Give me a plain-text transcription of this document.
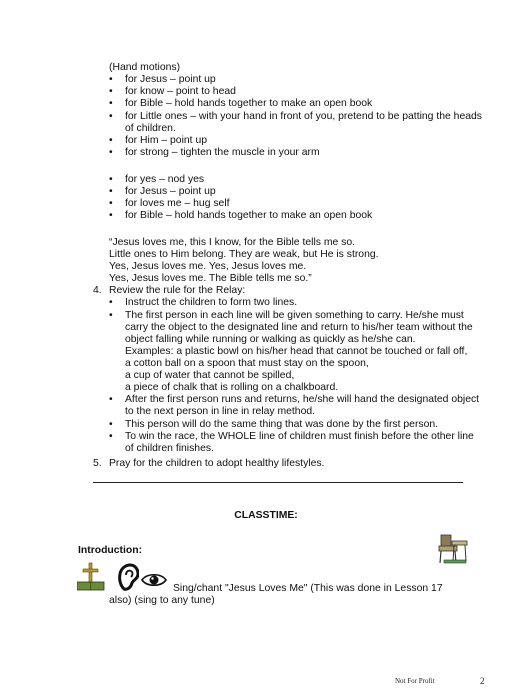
(Hand motions)
•	for Jesus – point up
•	for know – point to head
•	for Bible – hold hands together to make an open book
•	for Little ones – with your hand in front of you, pretend to be patting the heads
of children.
•	for Him – point up
•	for strong – tighten the muscle in your arm
•	for yes – nod yes
•	for Jesus – point up
•	for loves me – hug self
•	for Bible – hold hands together to make an open book
“Jesus loves me, this I know, for the Bible tells me so.
Little ones to Him belong. They are weak, but He is strong.
Yes, Jesus loves me. Yes, Jesus loves me.
Yes, Jesus loves me. The Bible tells me so.”
4. Review the rule for the Relay:
•	Instruct the children to form two lines.
•	The first person in each line will be given something to carry. He/she must
carry the object to the designated line and return to his/her team without the
object falling while running or walking as quickly as he/she can.
Examples: a plastic bowl on his/her head that cannot be touched or fall off,
a cotton ball on a spoon that must stay on the spoon,
a cup of water that cannot be spilled,
a piece of chalk that is rolling on a chalkboard.
•	After the first person runs and returns, he/she will hand the designated object
to the next person in line in relay method.
•	This person will do the same thing that was done by the first person.
•	To win the race, the WHOLE line of children must finish before the other line
of children finishes.
5. Pray for the children to adopt healthy lifestyles.
CLASSTIME:
Introduction:
Sing/chant "Jesus Loves Me" (This was done in Lesson 17
also) (sing to any tune)
Not For Profit	2
